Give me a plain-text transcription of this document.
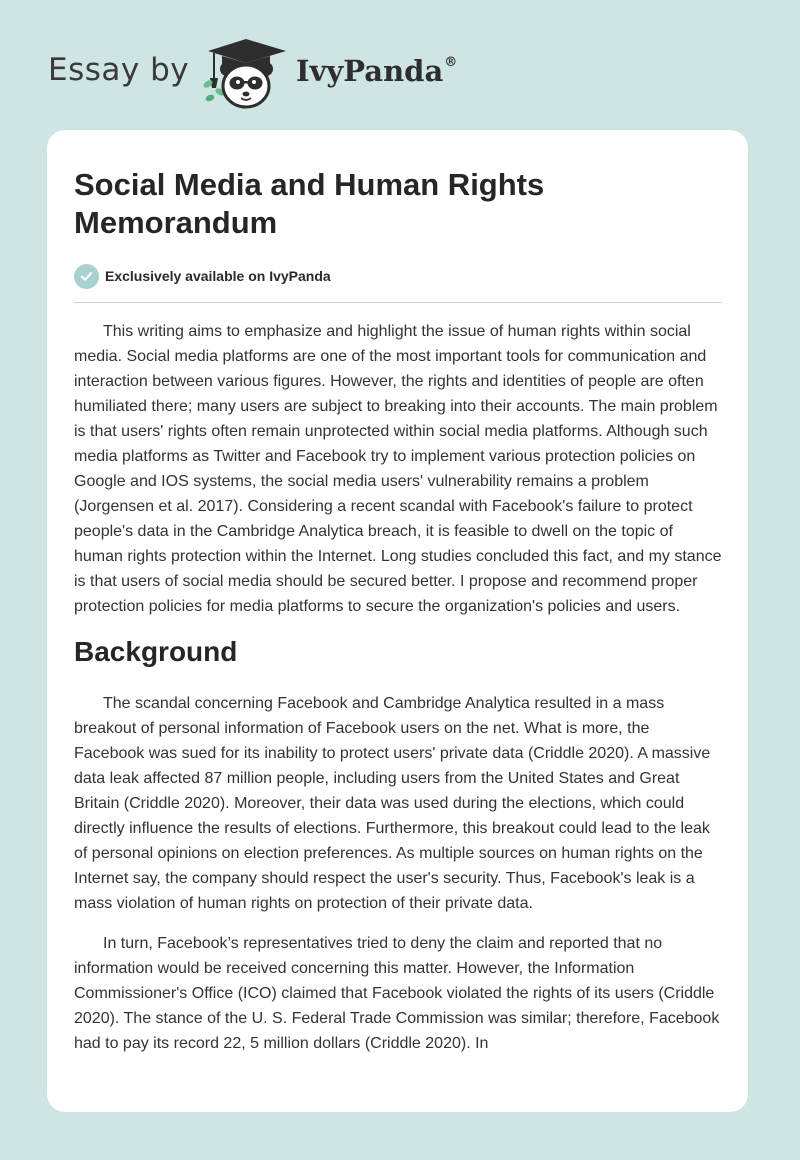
Essay by	IvyPanda®
Social Media and Human Rights Memorandum
Exclusively available on IvyPanda

This writing aims to emphasize and highlight the issue of human rights within social media. Social media platforms are one of the most important tools for communication and interaction between various figures. However, the rights and identities of people are often humiliated there; many users are subject to breaking into their accounts. The main problem is that users' rights often remain unprotected within social media platforms. Although such media platforms as Twitter and Facebook try to implement various protection policies on Google and IOS systems, the social media users' vulnerability remains a problem (Jorgensen et al. 2017). Considering a recent scandal with Facebook's failure to protect people's data in the Cambridge Analytica breach, it is feasible to dwell on the topic of human rights protection within the Internet. Long studies concluded this fact, and my stance is that users of social media should be secured better. I propose and recommend proper protection policies for media platforms to secure the organization's policies and users.

Background

The scandal concerning Facebook and Cambridge Analytica resulted in a mass breakout of personal information of Facebook users on the net. What is more, the Facebook was sued for its inability to protect users' private data (Criddle 2020). A massive data leak affected 87 million people, including users from the United States and Great Britain (Criddle 2020). Moreover, their data was used during the elections, which could directly influence the results of elections. Furthermore, this breakout could lead to the leak of personal opinions on election preferences. As multiple sources on human rights on the Internet say, the company should respect the user's security. Thus, Facebook's leak is a mass violation of human rights on protection of their private data.

In turn, Facebook’s representatives tried to deny the claim and reported that no information would be received concerning this matter. However, the Information Commissioner's Office (ICO) claimed that Facebook violated the rights of its users (Criddle 2020). The stance of the U. S. Federal Trade Commission was similar; therefore, Facebook had to pay its record 22, 5 million dollars (Criddle 2020). In
